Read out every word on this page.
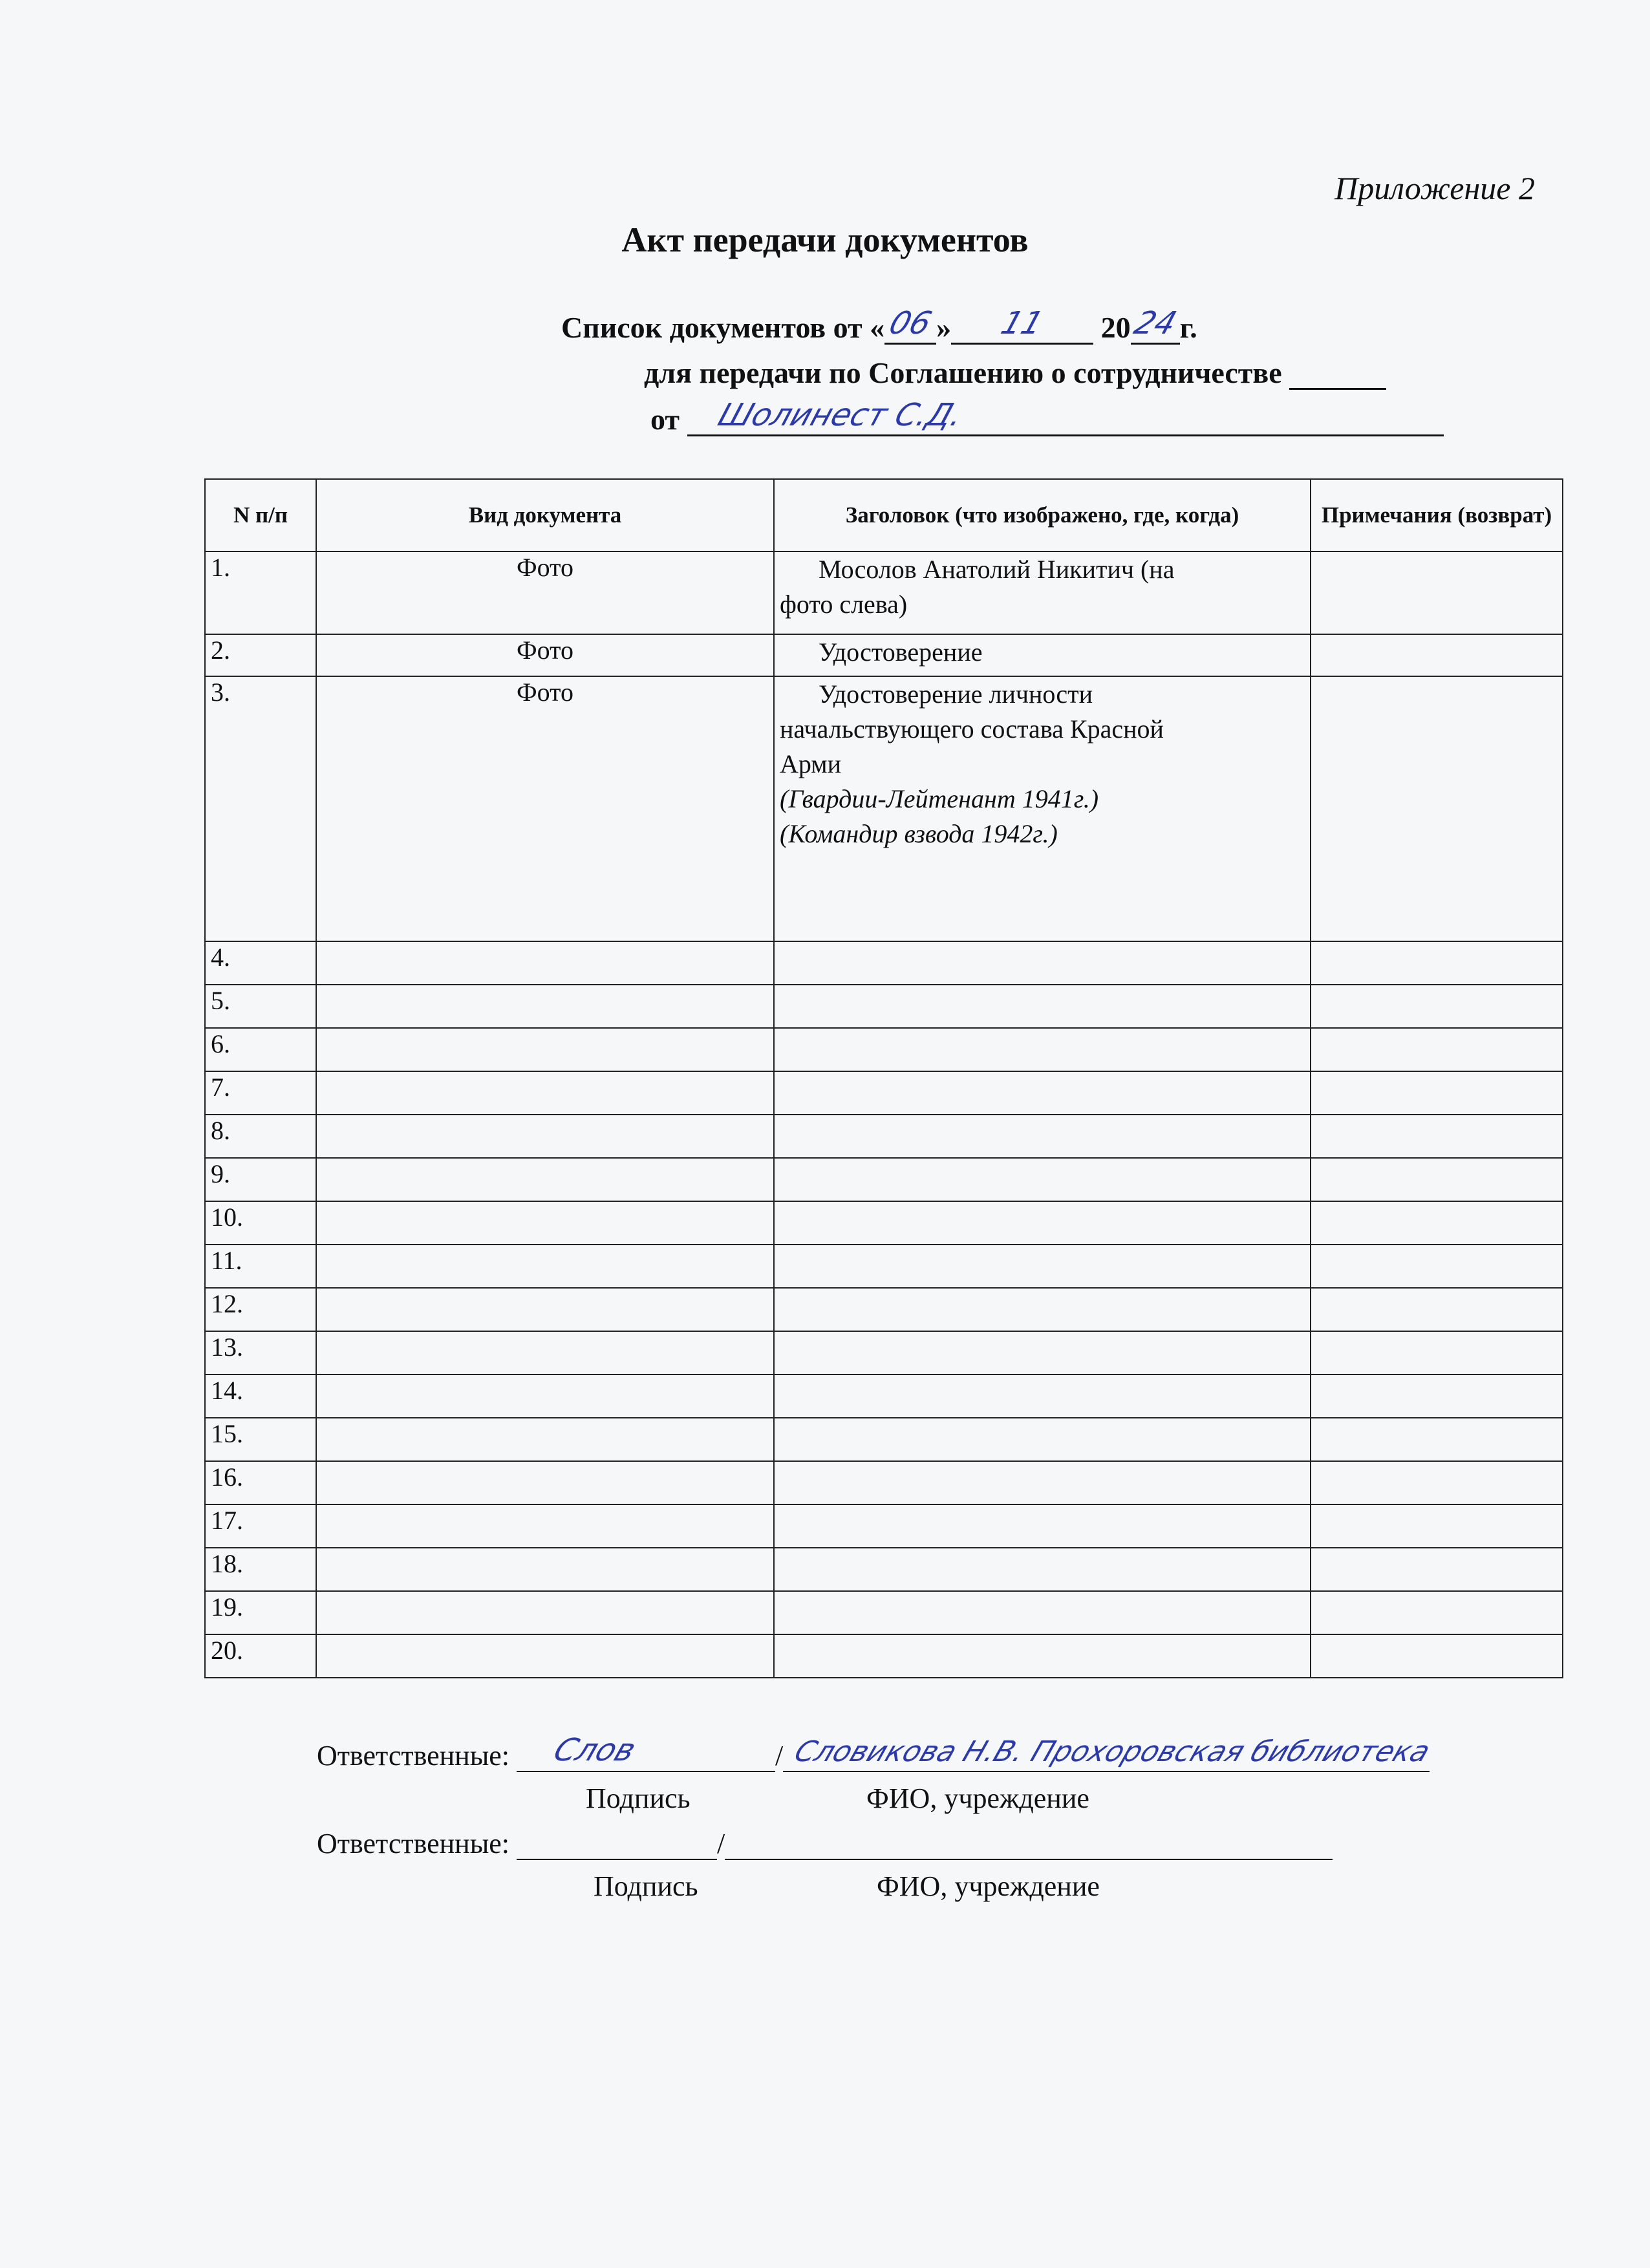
Приложение 2
Акт передачи документов
Список документов от « 06 »	11	20
24
г.
для передачи по Соглашению о сотрудничестве
от Шолинест С.Д.
N п/п	Вид документа	Заголовок (что изображено, где, когда)	Примечания (возврат)
1.	Фото	Мосолов Анатолий Никитич (на
фото слева)	

2.	Фото	Удостоверение	

3.	Фото	Удостоверение личности
начальствующего состава Красной
Арми
(Гвардии-Лейтенант 1941г.)
(Командир взвода 1942г.)	

4.			
5.			
6.			
7.			
8.			
9.			
10.			
11.			
12.			
13.			
14.			
15.			
16.			
17.			
18.			
19.			
20.			
Ответственные: Слов	/ Словикова Н.В. Прохоровская библиотека
Подпись	ФИО, учреждение
Ответственные:	/
Подпись	ФИО, учреждение
